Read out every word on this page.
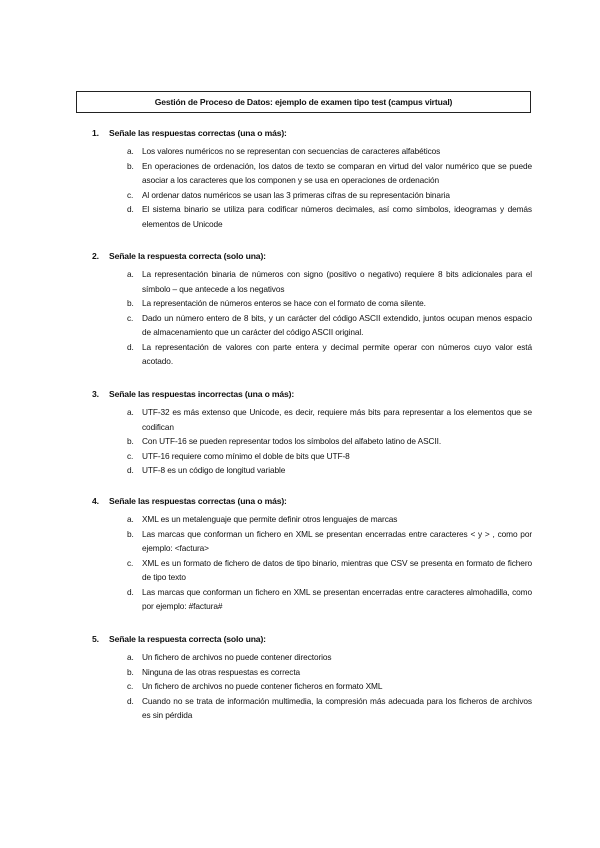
Gestión de Proceso de Datos: ejemplo de examen tipo test (campus virtual)
1. Señale las respuestas correctas (una o más):
a. Los valores numéricos no se representan con secuencias de caracteres alfabéticos
b. En operaciones de ordenación, los datos de texto se comparan en virtud del valor numérico que se puede asociar a los caracteres que los componen y se usa en operaciones de ordenación
c. Al ordenar datos numéricos se usan las 3 primeras cifras de su representación binaria
d. El sistema binario se utiliza para codificar números decimales, así como símbolos, ideogramas y demás elementos de Unicode
2. Señale la respuesta correcta (solo una):
a. La representación binaria de números con signo (positivo o negativo) requiere 8 bits adicionales para el símbolo – que antecede a los negativos
b. La representación de números enteros se hace con el formato de coma silente.
c. Dado un número entero de 8 bits, y un carácter del código ASCII extendido, juntos ocupan menos espacio de almacenamiento que un carácter del código ASCII original.
d. La representación de valores con parte entera y decimal permite operar con números cuyo valor está acotado.
3. Señale las respuestas incorrectas (una o más):
a. UTF-32 es más extenso que Unicode, es decir, requiere más bits para representar a los elementos que se codifican
b. Con UTF-16 se pueden representar todos los símbolos del alfabeto latino de ASCII.
c. UTF-16 requiere como mínimo el doble de bits que UTF-8
d. UTF-8 es un código de longitud variable
4. Señale las respuestas correctas (una o más):
a. XML es un metalenguaje que permite definir otros lenguajes de marcas
b. Las marcas que conforman un fichero en XML se presentan encerradas entre caracteres < y > , como por ejemplo: <factura>
c. XML es un formato de fichero de datos de tipo binario, mientras que CSV se presenta en formato de fichero de tipo texto
d. Las marcas que conforman un fichero en XML se presentan encerradas entre caracteres almohadilla, como por ejemplo: #factura#
5. Señale la respuesta correcta (solo una):
a. Un fichero de archivos no puede contener directorios
b. Ninguna de las otras respuestas es correcta
c. Un fichero de archivos no puede contener ficheros en formato XML
d. Cuando no se trata de información multimedia, la compresión más adecuada para los ficheros de archivos es sin pérdida
